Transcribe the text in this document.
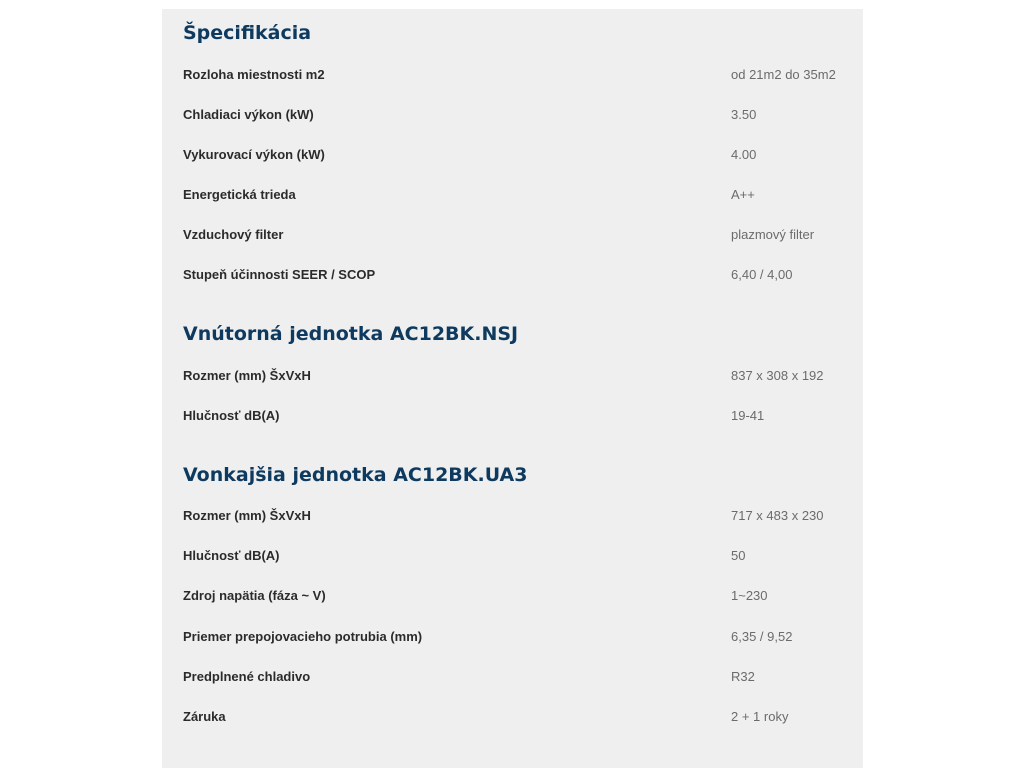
Špecifikácia
Rozloha miestnosti m2	od 21m2 do 35m2
Chladiaci výkon (kW)	3.50
Vykurovací výkon (kW)	4.00
Energetická trieda	A++
Vzduchový filter	plazmový filter
Stupeň účinnosti SEER / SCOP	6,40 / 4,00
Vnútorná jednotka AC12BK.NSJ
Rozmer (mm) ŠxVxH	837 x 308 x 192
Hlučnosť dB(A)	19-41
Vonkajšia jednotka AC12BK.UA3
Rozmer (mm) ŠxVxH	717 x 483 x 230
Hlučnosť dB(A)	50
Zdroj napätia (fáza ~ V)	1~230
Priemer prepojovacieho potrubia (mm)	6,35 / 9,52
Predplnené chladivo	R32
Záruka	2 + 1 roky
